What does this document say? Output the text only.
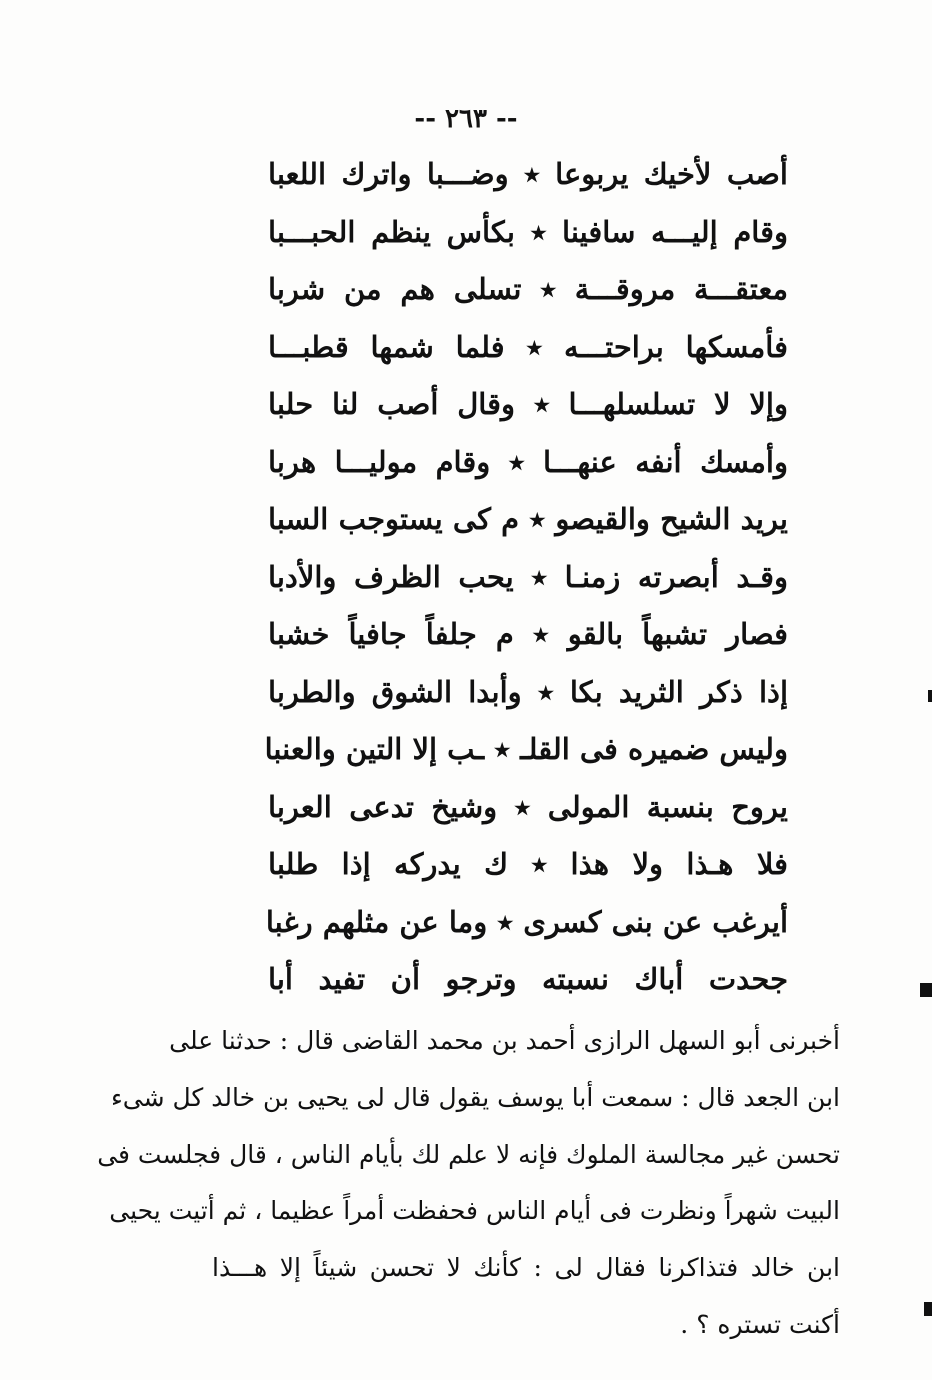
-- ٢٦٣ --
أصب لأخيك يربوعا ٭ وضـــبا واترك اللعبا
وقام إليـــه سافينا ٭ بكأس ينظم الحبـــبا
معتقـــة مروقـــة ٭ تسلى هم من شربا
فأمسكها براحتـــه ٭ فلما شمها قطبـــا
وإلا لا تسلسلهـــا ٭ وقال أصب لنا حلبا
وأمسك أنفه عنهـــا ٭ وقام موليـــا هربا
يريد الشيح والقيصو ٭ م كى يستوجب السبا
وقـد أبصرته زمنـا ٭ يحب الظرف والأدبا
فصار تشبهاً بالقو ٭ م جلفاً جافياً خشبا
إذا ذكر الثريد بكا ٭ وأبدا الشوق والطربا
وليس ضميره فى القلـ ٭ ـب إلا التين والعنبا
يروح بنسبة المولى ٭ وشيخ تدعى العربا
فلا هـذا ولا هذا ٭ ك يدركه إذا طلبا
أيرغب عن بنى كسرى ٭ وما عن مثلهم رغبا
جحدت أباك نسبته وترجو أن تفيد أبا
أخبرنى أبو السهل الرازى أحمد بن محمد القاضى قال : حدثنا على
ابن الجعد قال : سمعت أبا يوسف يقول قال لى يحيى بن خالد كل شىء
تحسن غير مجالسة الملوك فإنه لا علم لك بأيام الناس ، قال فجلست فى
البيت شهراً ونظرت فى أيام الناس فحفظت أمراً عظيما ، ثم أتيت يحيى
ابن خالد فتذاكرنا فقال لى : كأنك لا تحسن شيئاً إلا هـــذا
أكنت تستره ؟ .
